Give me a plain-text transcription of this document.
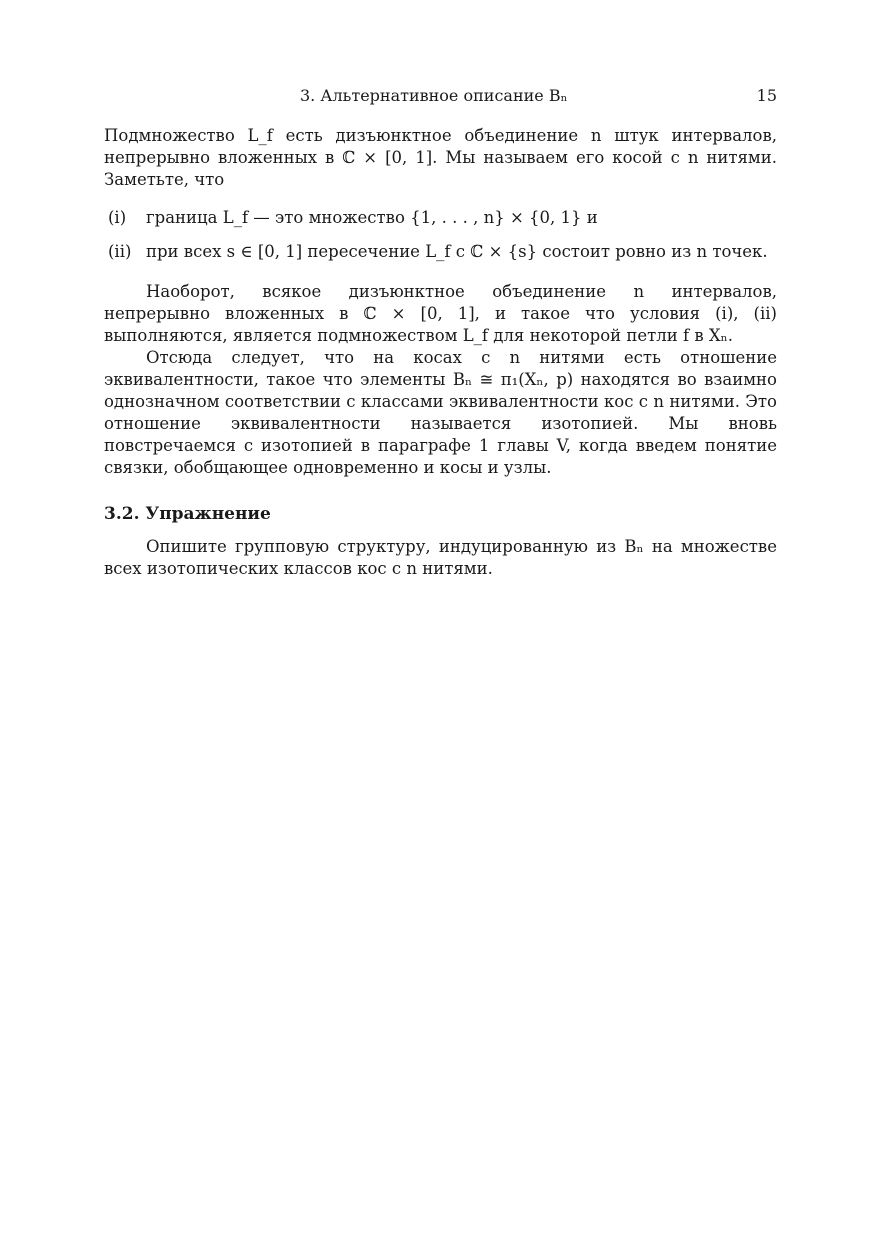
3. Альтернативное описание Bₙ	15

Подмножество L_f есть дизъюнктное объединение n штук интервалов, непрерывно вложенных в ℂ × [0, 1]. Мы называем его косой с n нитями. Заметьте, что

(i) граница L_f — это множество {1, . . . , n} × {0, 1} и
(ii) при всех s ∈ [0, 1] пересечение L_f с ℂ × {s} состоит ровно из n точек.

Наоборот, всякое дизъюнктное объединение n интервалов, непрерывно вложенных в ℂ × [0, 1], и такое что условия (i), (ii) выполняются, является подмножеством L_f для некоторой петли f в Xₙ.

Отсюда следует, что на косах с n нитями есть отношение эквивалентности, такое что элементы Bₙ ≅ π₁(Xₙ, p) находятся во взаимно однозначном соответствии с классами эквивалентности кос с n нитями. Это отношение эквивалентности называется изотопией. Мы вновь повстречаемся с изотопией в параграфе 1 главы V, когда введем понятие связки, обобщающее одновременно и косы и узлы.

3.2. Упражнение

Опишите групповую структуру, индуцированную из Bₙ на множестве всех изотопических классов кос с n нитями.
